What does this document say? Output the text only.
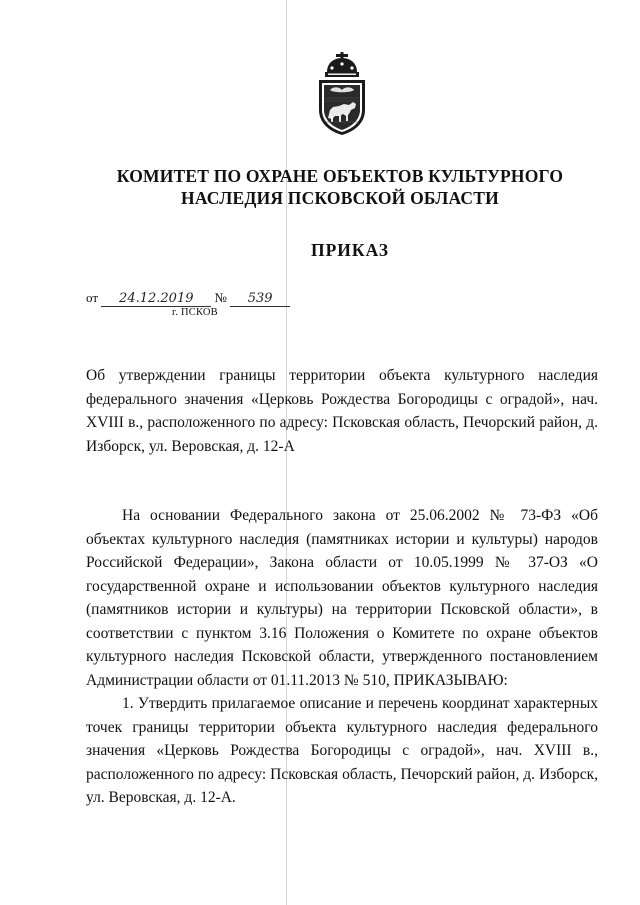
КОМИТЕТ ПО ОХРАНЕ ОБЪЕКТОВ КУЛЬТУРНОГО
НАСЛЕДИЯ ПСКОВСКОЙ ОБЛАСТИ
ПРИКАЗ
от 24.12.2019 № 539
г. ПСКОВ
Об утверждении границы территории объекта культурного наследия федерального значения «Церковь Рождества Богородицы с оградой», нач. XVIII в., расположенного по адресу: Псковская область, Печорский район, д. Изборск, ул. Веровская, д. 12-А

На основании Федерального закона от 25.06.2002 № 73-ФЗ «Об объектах культурного наследия (памятниках истории и культуры) народов Российской Федерации», Закона области от 10.05.1999 № 37-ОЗ «О государственной охране и использовании объектов культурного наследия (памятников истории и культуры) на территории Псковской области», в соответствии с пунктом 3.16 Положения о Комитете по охране объектов культурного наследия Псковской области, утвержденного постановлением Администрации области от 01.11.2013 № 510, ПРИКАЗЫВАЮ:

1. Утвердить прилагаемое описание и перечень координат характерных точек границы территории объекта культурного наследия федерального значения «Церковь Рождества Богородицы с оградой», нач. XVIII в., расположенного по адресу: Псковская область, Печорский район, д. Изборск, ул. Веровская, д. 12-А.
